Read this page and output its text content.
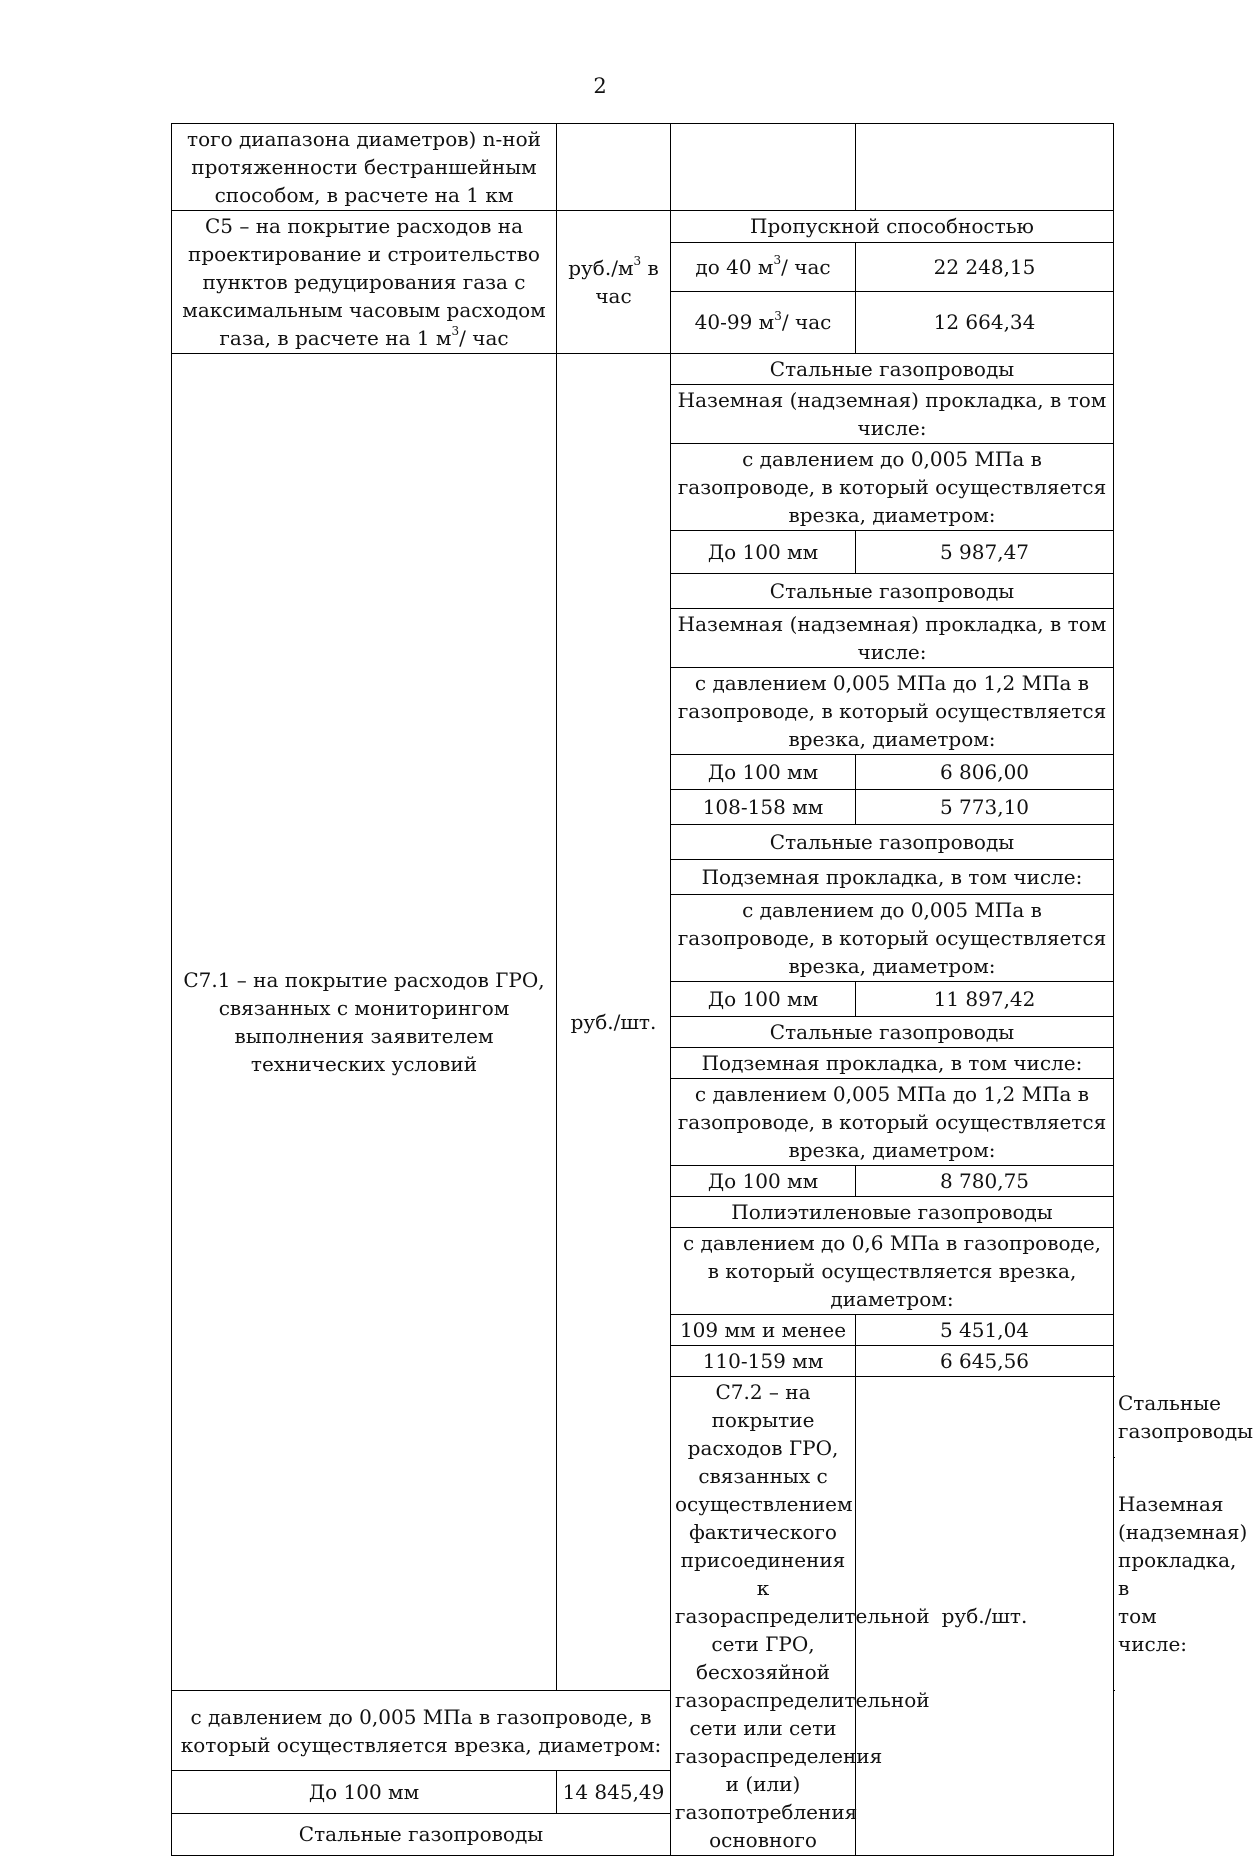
2
того диапазона диаметров) n-ной протяженности бестраншейным способом, в расчете на 1 км				
С5 – на покрытие расходов на проектирование и строительство пунктов редуцирования газа с максимальным часовым расходом газа, в расчете на 1 $м^3/$ час	$руб./м^3$ в час	Пропускной способностью		
		до 40 $м^3/$ час	22 248,15	
		40-99 $м^3/$ час	12 664,34	
С7.1 – на покрытие расходов ГРО, связанных с мониторингом выполнения заявителем технических условий	руб./шт.	Стальные газопроводы		
		Наземная (надземная) прокладка, в том числе:		
		с давлением до 0,005 МПа в газопроводе, в который осуществляется врезка, диаметром:		
		До 100 мм	5 987,47	
		Стальные газопроводы		
		Наземная (надземная) прокладка, в том числе:		
		с давлением 0,005 МПа до 1,2 МПа в газопроводе, в который осуществляется врезка, диаметром:		
		До 100 мм	6 806,00	
		108-158 мм	5 773,10	
		Стальные газопроводы		
		Подземная прокладка, в том числе:		
		с давлением до 0,005 МПа в газопроводе, в который осуществляется врезка, диаметром:		
		До 100 мм	11 897,42	
		Стальные газопроводы		
		Подземная прокладка, в том числе:		
		с давлением 0,005 МПа до 1,2 МПа в газопроводе, в который осуществляется врезка, диаметром:		
		До 100 мм	8 780,75	
		Полиэтиленовые газопроводы		
		с давлением до 0,6 МПа в газопроводе, в который осуществляется врезка, диаметром:		
		109 мм и менее	5 451,04	
		110-159 мм	6 645,56	
		С7.2 – на покрытие расходов ГРО, связанных с осуществлением фактического присоединения к газораспределительной сети ГРО, бесхозяйной газораспределительной сети или сети газораспределения и (или) газопотребления основного	руб./шт.	Стальные газопроводы
				Наземная (надземная) прокладка, в том числе:
с давлением до 0,005 МПа в газопроводе, в который осуществляется врезка, диаметром:				
До 100 мм	14 845,49			
Стальные газопроводы				
